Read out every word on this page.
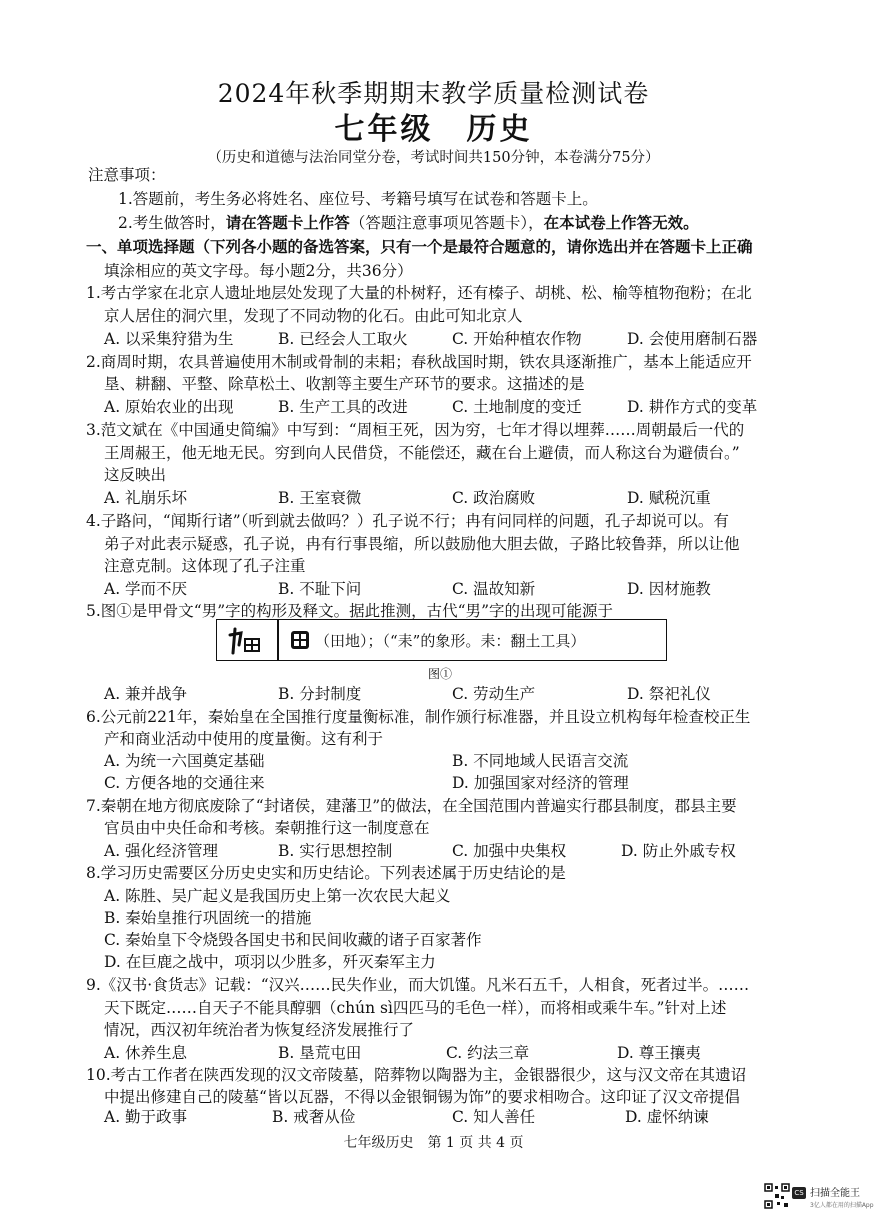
2024年秋季期期末教学质量检测试卷
七年级　历史
（历史和道德与法治同堂分卷，考试时间共150分钟，本卷满分75分）
注意事项：
1.答题前，考生务必将姓名、座位号、考籍号填写在试卷和答题卡上。
2.考生做答时，请在答题卡上作答（答题注意事项见答题卡），在本试卷上作答无效。
一、单项选择题（下列各小题的备选答案，只有一个是最符合题意的，请你选出并在答题卡上正确
填涂相应的英文字母。每小题2分，共36分）
1.考古学家在北京人遗址地层处发现了大量的朴树籽，还有榛子、胡桃、松、榆等植物孢粉；在北
京人居住的洞穴里，发现了不同动物的化石。由此可知北京人
A. 以采集狩猎为生	B. 已经会人工取火	C. 开始种植农作物	D. 会使用磨制石器
2.商周时期，农具普遍使用木制或骨制的耒耜；春秋战国时期，铁农具逐渐推广，基本上能适应开
垦、耕翻、平整、除草松土、收割等主要生产环节的要求。这描述的是
A. 原始农业的出现	B. 生产工具的改进	C. 土地制度的变迁	D. 耕作方式的变革
3.范文斌在《中国通史简编》中写到：“周桓王死，因为穷，七年才得以埋葬……周朝最后一代的
王周赧王，他无地无民。穷到向人民借贷，不能偿还，藏在台上避债，而人称这台为避债台。”
这反映出
A. 礼崩乐坏	B. 王室衰微	C. 政治腐败	D. 赋税沉重
4.子路问，“闻斯行诸”（听到就去做吗？）孔子说不行；冉有问同样的问题，孔子却说可以。有
弟子对此表示疑惑，孔子说，冉有行事畏缩，所以鼓励他大胆去做，子路比较鲁莽，所以让他
注意克制。这体现了孔子注重
A. 学而不厌	B. 不耻下问	C. 温故知新	D. 因材施教
5.图①是甲骨文“男”字的构形及释文。据此推测，古代“男”字的出现可能源于
（田地）；（“耒”的象形。耒：翻土工具）
图①
A. 兼并战争	B. 分封制度	C. 劳动生产	D. 祭祀礼仪
6.公元前221年，秦始皇在全国推行度量衡标准，制作颁行标准器，并且设立机构每年检查校正生
产和商业活动中使用的度量衡。这有利于
A. 为统一六国奠定基础	B. 不同地域人民语言交流
C. 方便各地的交通往来	D. 加强国家对经济的管理
7.秦朝在地方彻底废除了“封诸侯，建藩卫”的做法，在全国范围内普遍实行郡县制度，郡县主要
官员由中央任命和考核。秦朝推行这一制度意在
A. 强化经济管理	B. 实行思想控制	C. 加强中央集权	D. 防止外戚专权
8.学习历史需要区分历史史实和历史结论。下列表述属于历史结论的是
A. 陈胜、吴广起义是我国历史上第一次农民大起义
B. 秦始皇推行巩固统一的措施
C. 秦始皇下令烧毁各国史书和民间收藏的诸子百家著作
D. 在巨鹿之战中，项羽以少胜多，歼灭秦军主力
9.《汉书·食货志》记载：“汉兴……民失作业，而大饥馑。凡米石五千，人相食，死者过半。……
天下既定……自天子不能具醇驷（chún sì四匹马的毛色一样），而将相或乘牛车。”针对上述
情况，西汉初年统治者为恢复经济发展推行了
A. 休养生息	B. 垦荒屯田	C. 约法三章	D. 尊王攘夷
10.考古工作者在陕西发现的汉文帝陵墓，陪葬物以陶器为主，金银器很少，这与汉文帝在其遗诏
中提出修建自己的陵墓“皆以瓦器，不得以金银铜锡为饰”的要求相吻合。这印证了汉文帝提倡
A. 勤于政事	B. 戒奢从俭	C. 知人善任	D. 虚怀纳谏
七年级历史　第 1 页 共 4 页
CS 扫描全能王
3亿人都在用的扫描App
